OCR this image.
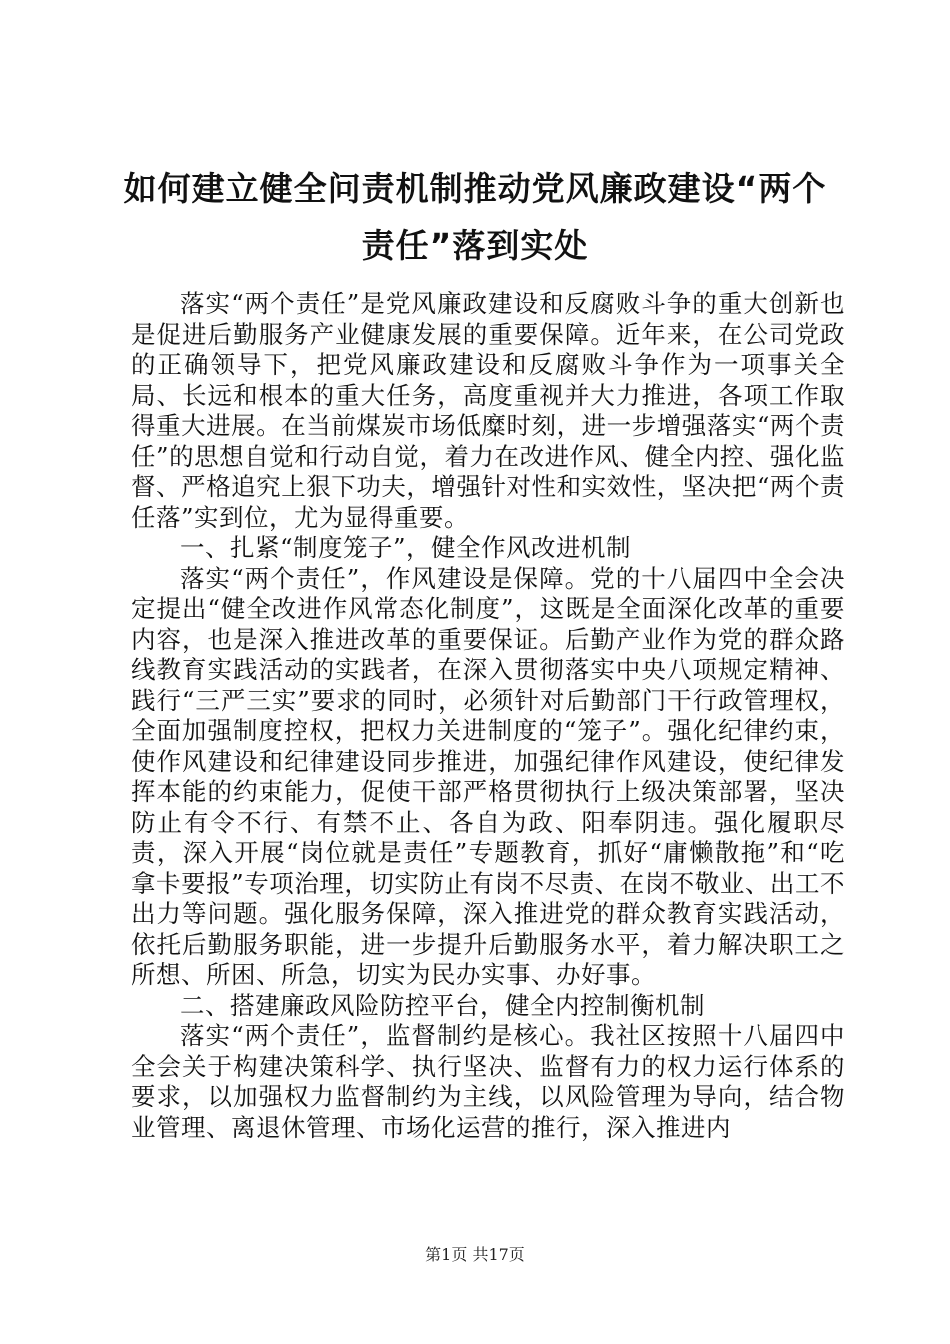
如何建立健全问责机制推动党风廉政建设“两个责任”落到实处

落实“两个责任”是党风廉政建设和反腐败斗争的重大创新也是促进后勤服务产业健康发展的重要保障。近年来，在公司党政的正确领导下，把党风廉政建设和反腐败斗争作为一项事关全局、长远和根本的重大任务，高度重视并大力推进，各项工作取得重大进展。在当前煤炭市场低糜时刻，进一步增强落实“两个责任”的思想自觉和行动自觉，着力在改进作风、健全内控、强化监督、严格追究上狠下功夫，增强针对性和实效性，坚决把“两个责任落”实到位，尤为显得重要。

一、扎紧“制度笼子”，健全作风改进机制

落实“两个责任”，作风建设是保障。党的十八届四中全会决定提出“健全改进作风常态化制度”，这既是全面深化改革的重要内容，也是深入推进改革的重要保证。后勤产业作为党的群众路线教育实践活动的实践者，在深入贯彻落实中央八项规定精神、践行“三严三实”要求的同时，必须针对后勤部门干行政管理权，全面加强制度控权，把权力关进制度的“笼子”。强化纪律约束，使作风建设和纪律建设同步推进，加强纪律作风建设，使纪律发挥本能的约束能力，促使干部严格贯彻执行上级决策部署，坚决防止有令不行、有禁不止、各自为政、阳奉阴违。强化履职尽责，深入开展“岗位就是责任”专题教育，抓好“庸懒散拖”和“吃拿卡要报”专项治理，切实防止有岗不尽责、在岗不敬业、出工不出力等问题。强化服务保障，深入推进党的群众教育实践活动，依托后勤服务职能，进一步提升后勤服务水平，着力解决职工之所想、所困、所急，切实为民办实事、办好事。

二、搭建廉政风险防控平台，健全内控制衡机制

落实“两个责任”，监督制约是核心。我社区按照十八届四中全会关于构建决策科学、执行坚决、监督有力的权力运行体系的要求，以加强权力监督制约为主线，以风险管理为导向，结合物业管理、离退休管理、市场化运营的推行，深入推进内

第1页 共17页
